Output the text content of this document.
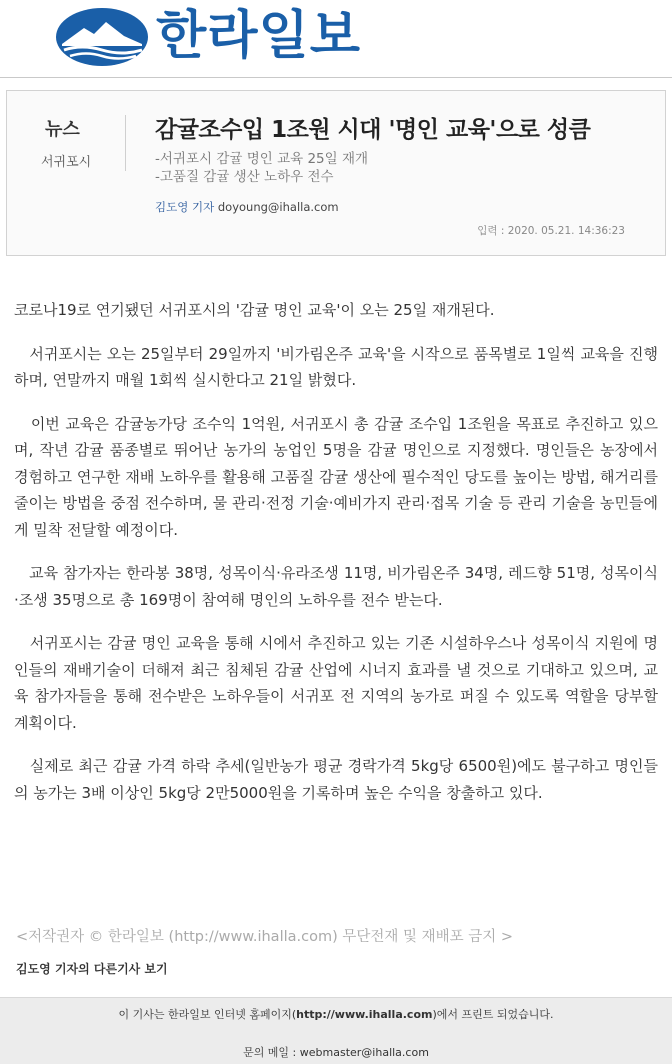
한라일보
뉴스
서귀포시
감귤조수입 1조원 시대 '명인 교육'으로 성큼
-서귀포시 감귤 명인 교육 25일 재개
-고품질 감귤 생산 노하우 전수
김도영 기자 doyoung@ihalla.com
입력 : 2020. 05.21. 14:36:23

코로나19로 연기됐던 서귀포시의 '감귤 명인 교육'이 오는 25일 재개된다.

서귀포시는 오는 25일부터 29일까지 '비가림온주 교육'을 시작으로 품목별로 1일씩 교육을 진행하며, 연말까지 매월 1회씩 실시한다고 21일 밝혔다.

이번 교육은 감귤농가당 조수익 1억원, 서귀포시 총 감귤 조수입 1조원을 목표로 추진하고 있으며, 작년 감귤 품종별로 뛰어난 농가의 농업인 5명을 감귤 명인으로 지정했다. 명인들은 농장에서 경험하고 연구한 재배 노하우를 활용해 고품질 감귤 생산에 필수적인 당도를 높이는 방법, 해거리를 줄이는 방법을 중점 전수하며, 물 관리·전정 기술·예비가지 관리·접목 기술 등 관리 기술을 농민들에게 밀착 전달할 예정이다.

교육 참가자는 한라봉 38명, 성목이식·유라조생 11명, 비가림온주 34명, 레드향 51명, 성목이식·조생 35명으로 총 169명이 참여해 명인의 노하우를 전수 받는다.

서귀포시는 감귤 명인 교육을 통해 시에서 추진하고 있는 기존 시설하우스나 성목이식 지원에 명인들의 재배기술이 더해져 최근 침체된 감귤 산업에 시너지 효과를 낼 것으로 기대하고 있으며, 교육 참가자들을 통해 전수받은 노하우들이 서귀포 전 지역의 농가로 퍼질 수 있도록 역할을 당부할 계획이다.

실제로 최근 감귤 가격 하락 추세(일반농가 평균 경락가격 5kg당 6500원)에도 불구하고 명인들의 농가는 3배 이상인 5kg당 2만5000원을 기록하며 높은 수익을 창출하고 있다.

<저작권자 © 한라일보 (http://www.ihalla.com) 무단전재 및 재배포 금지 >
김도영 기자의 다른기사 보기
이 기사는 한라일보 인터넷 홈페이지(http://www.ihalla.com)에서 프린트 되었습니다.
문의 메일 : webmaster@ihalla.com
